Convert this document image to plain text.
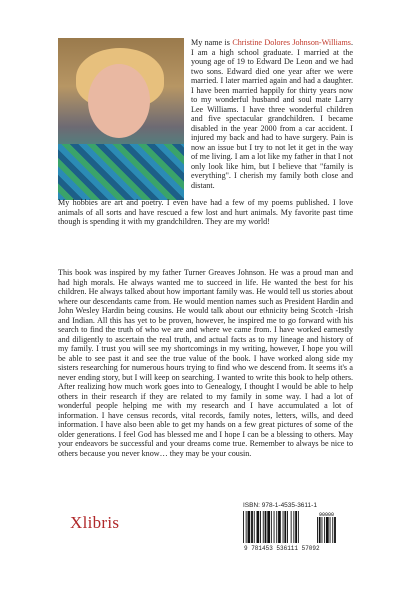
My name is Christine Dolores Johnson-Williams. I am a high school graduate. I married at the young age of 19 to Edward De Leon and we had two sons. Edward died one year after we were married. I later married again and had a daughter. I have been married happily for thirty years now to my wonderful husband and soul mate Larry Lee Williams. I have three wonderful children and five spectacular grandchildren. I became disabled in the year 2000 from a car accident. I injured my back and had to have surgery. Pain is now an issue but I try to not let it get in the way of me living. I am a lot like my father in that I not only look like him, but I believe that "family is everything". I cherish my family both close and distant.

My hobbies are art and poetry. I even have had a few of my poems published. I love animals of all sorts and have rescued a few lost and hurt animals. My favorite past time though is spending it with my grandchildren. They are my world!

This book was inspired by my father Turner Greaves Johnson. He was a proud man and had high morals. He always wanted me to succeed in life. He wanted the best for his children. He always talked about how important family was. He would tell us stories about where our descendants came from. He would mention names such as President Hardin and John Wesley Hardin being cousins. He would talk about our ethnicity being Scotch -Irish and Indian. All this has yet to be proven, however, he inspired me to go forward with his search to find the truth of who we are and where we came from. I have worked earnestly and diligently to ascertain the real truth, and actual facts as to my lineage and history of my family. I trust you will see my shortcomings in my writing, however, I hope you will be able to see past it and see the true value of the book. I have worked along side my sisters researching for numerous hours trying to find who we descend from. It seems it's a never ending story, but I will keep on searching. I wanted to write this book to help others. After realizing how much work goes into to Genealogy, I thought I would be able to help others in their research if they are related to my family in some way. I had a lot of wonderful people helping me with my research and I have accumulated a lot of information. I have census records, vital records, family notes, letters, wills, and deed information. I have also been able to get my hands on a few great pictures of some of the older generations. I feel God has blessed me and I hope I can be a blessing to others. May your endeavors be successful and your dreams come true. Remember to always be nice to others because you never know… they may be your cousin.

Xlibris
ISBN: 978-1-4535-3611-1
90000
9 781453 536111 57092
